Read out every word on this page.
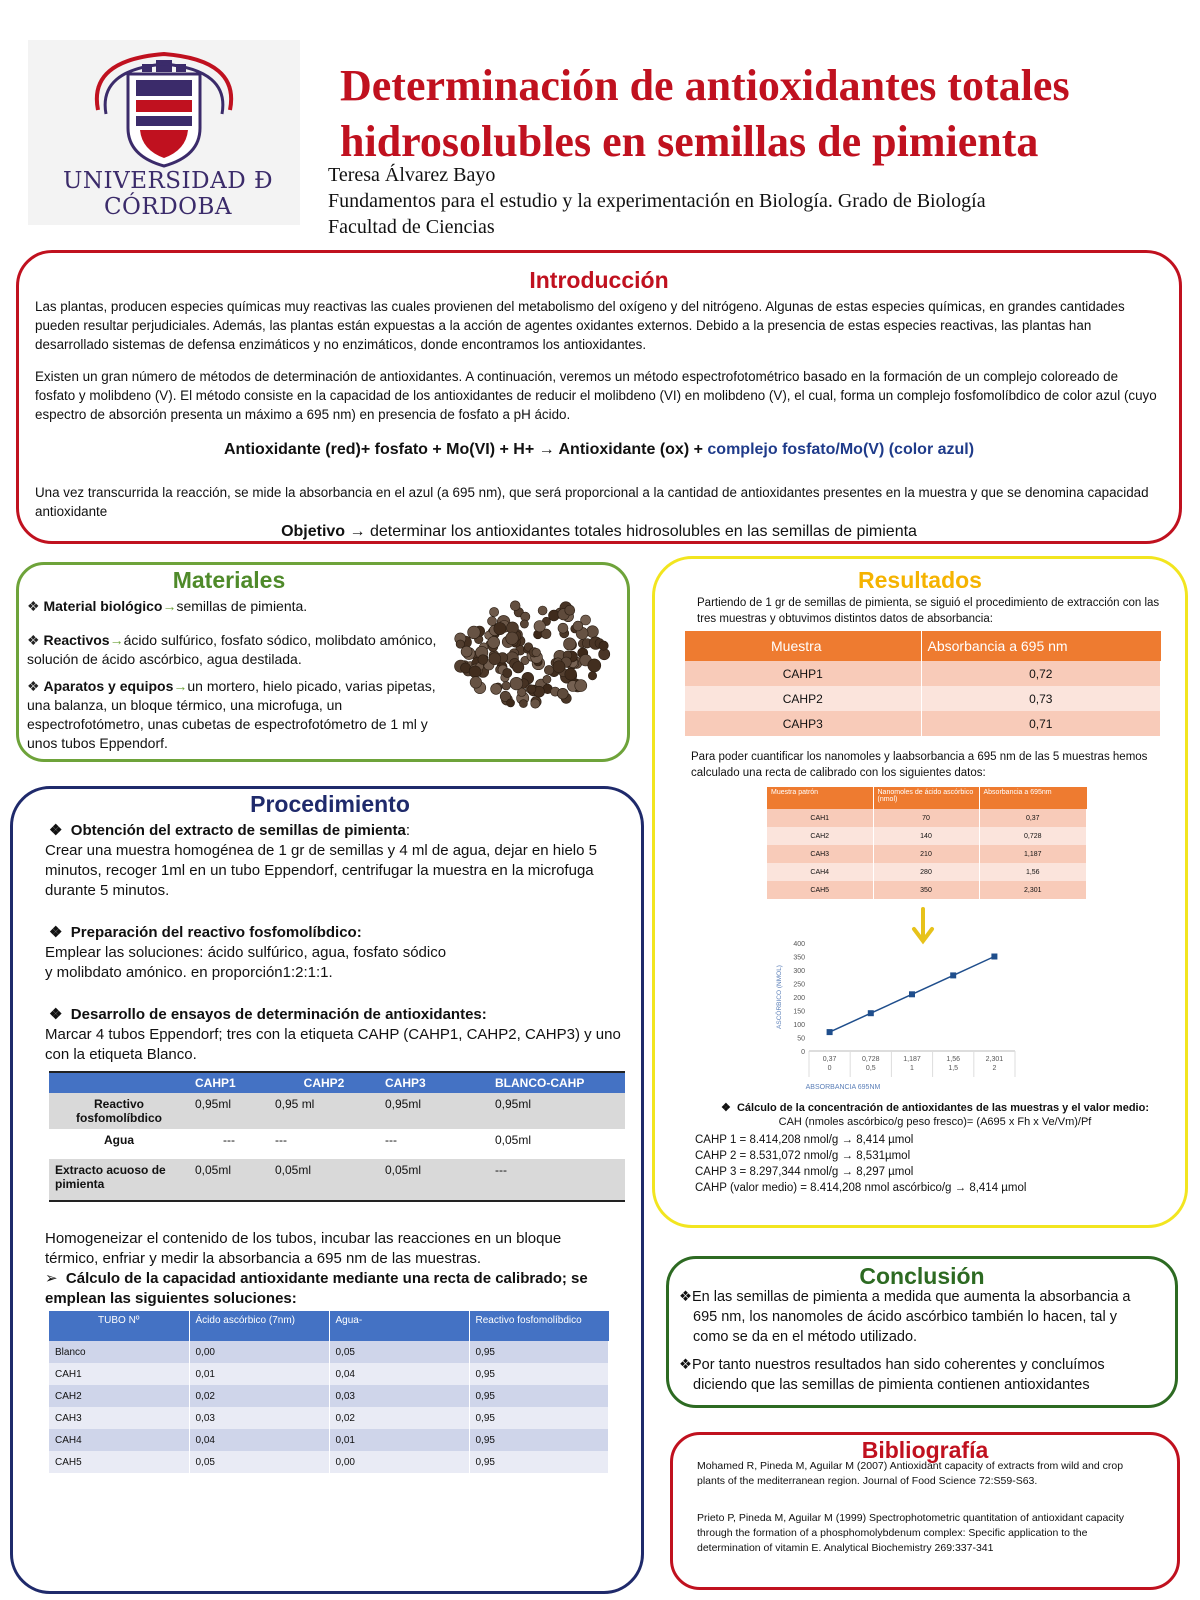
UNIVERSIDAD Ð CÓRDOBA
Determinación de antioxidantes totales
hidrosolubles en semillas de pimienta
Teresa Álvarez Bayo
Fundamentos para el estudio y la experimentación en Biología. Grado de Biología
Facultad de Ciencias
Introducción
Las plantas, producen especies químicas muy reactivas las cuales provienen del metabolismo del oxígeno y del nitrógeno. Algunas de estas especies químicas, en grandes cantidades pueden resultar perjudiciales. Además, las plantas están expuestas a la acción de agentes oxidantes externos. Debido a la presencia de estas especies reactivas, las plantas han desarrollado sistemas de defensa enzimáticos y no enzimáticos, donde encontramos los antioxidantes.
Existen un gran número de métodos de determinación de antioxidantes. A continuación, veremos un método espectrofotométrico basado en la formación de un complejo coloreado de fosfato y molibdeno (V). El método consiste en la capacidad de los antioxidantes de reducir el molibdeno (VI) en molibdeno (V), el cual, forma un complejo fosfomolíbdico de color azul (cuyo espectro de absorción presenta un máximo a 695 nm) en presencia de fosfato a pH ácido.
Antioxidante (red)+ fosfato + Mo(VI) + H+ → Antioxidante (ox) + complejo fosfato/Mo(V) (color azul)
Una vez transcurrida la reacción, se mide la absorbancia en el azul (a 695 nm), que será proporcional a la cantidad de antioxidantes presentes en la muestra y que se denomina capacidad antioxidante
Objetivo → determinar los antioxidantes totales hidrosolubles en las semillas de pimienta
Materiales
❖ Material biológico→semillas de pimienta.
❖ Reactivos→ácido sulfúrico, fosfato sódico, molibdato amónico, solución de ácido ascórbico, agua destilada.
❖ Aparatos y equipos→un mortero, hielo picado, varias pipetas, una balanza, un bloque térmico, una microfuga, un espectrofotómetro, unas cubetas de espectrofotómetro de 1 ml y unos tubos Eppendorf.
Procedimiento
❖  Obtención del extracto de semillas de pimienta:
Crear una muestra homogénea de 1 gr de semillas y 4 ml de agua, dejar en hielo 5 minutos, recoger 1ml en un tubo Eppendorf, centrifugar la muestra en la microfuga durante 5 minutos.
❖  Preparación del reactivo fosfomolíbdico:
Emplear las soluciones: ácido sulfúrico, agua, fosfato sódico
y molibdato amónico. en proporción1:2:1:1.
❖  Desarrollo de ensayos de determinación de antioxidantes:
Marcar 4 tubos Eppendorf; tres con la etiqueta CAHP (CAHP1, CAHP2, CAHP3) y uno con la etiqueta Blanco.
	CAHP1	CAHP2	CAHP3	BLANCO-CAHP
Reactivo fosfomolíbdico	0,95ml	0,95 ml	0,95ml	0,95ml
Agua	---	---	---	0,05ml
Extracto acuoso de pimienta	0,05ml	0,05ml	0,05ml	---
Homogeneizar el contenido de los tubos, incubar las reacciones en un bloque térmico, enfriar y medir la absorbancia a 695 nm de las muestras.
➢  Cálculo de la capacidad antioxidante mediante una recta de calibrado; se emplean las siguientes soluciones:
TUBO Nº	Ácido ascórbico (7nm)	Agua-	Reactivo fosfomolíbdico
Blanco	0,00	0,05	0,95
CAH1	0,01	0,04	0,95
CAH2	0,02	0,03	0,95
CAH3	0,03	0,02	0,95
CAH4	0,04	0,01	0,95
CAH5	0,05	0,00	0,95
Resultados
Partiendo de 1 gr de semillas de pimienta, se siguió el procedimiento de extracción con las tres muestras y obtuvimos distintos datos de absorbancia:
Muestra	Absorbancia a 695 nm
CAHP1	0,72
CAHP2	0,73
CAHP3	0,71
Para poder cuantificar los nanomoles y laabsorbancia a 695 nm de las 5 muestras hemos calculado una recta de calibrado con los siguientes datos:
Muestra patrón	Nanomoles de ácido ascórbico (nmol)	Absorbancia a 695nm
CAH1	70	0,37
CAH2	140	0,728
CAH3	210	1,187
CAH4	280	1,56
CAH5	350	2,301
0
50
100
150
200
250
300
350
400
0,37
0
0,728
0,5
1,187
1
1,56
1,5
2,301
2
ASCÓRBICO (NMOL)
ABSORBANCIA 695NM
❖  Cálculo de la concentración de antioxidantes de las muestras y el valor medio:
CAH (nmoles ascórbico/g peso fresco)= (A695 x Fh x Ve/Vm)/Pf
CAHP 1 = 8.414,208 nmol/g → 8,414 µmol
CAHP 2 = 8.531,072 nmol/g → 8,531µmol
CAHP 3 = 8.297,344 nmol/g → 8,297 µmol
CAHP (valor medio) = 8.414,208 nmol ascórbico/g → 8,414 µmol
Conclusión
❖En las semillas de pimienta a medida que aumenta la absorbancia a 695 nm, los nanomoles de ácido ascórbico también lo hacen, tal y como se da en el método utilizado.
❖Por tanto nuestros resultados han sido coherentes y concluímos diciendo que las semillas de pimienta contienen antioxidantes
Bibliografía
Mohamed R, Pineda M, Aguilar M (2007) Antioxidant capacity of extracts from wild and crop plants of the mediterranean region. Journal of Food Science 72:S59-S63.
Prieto P, Pineda M, Aguilar M (1999) Spectrophotometric quantitation of antioxidant capacity through the formation of a phosphomolybdenum complex: Specific application to the determination of vitamin E. Analytical Biochemistry 269:337-341
